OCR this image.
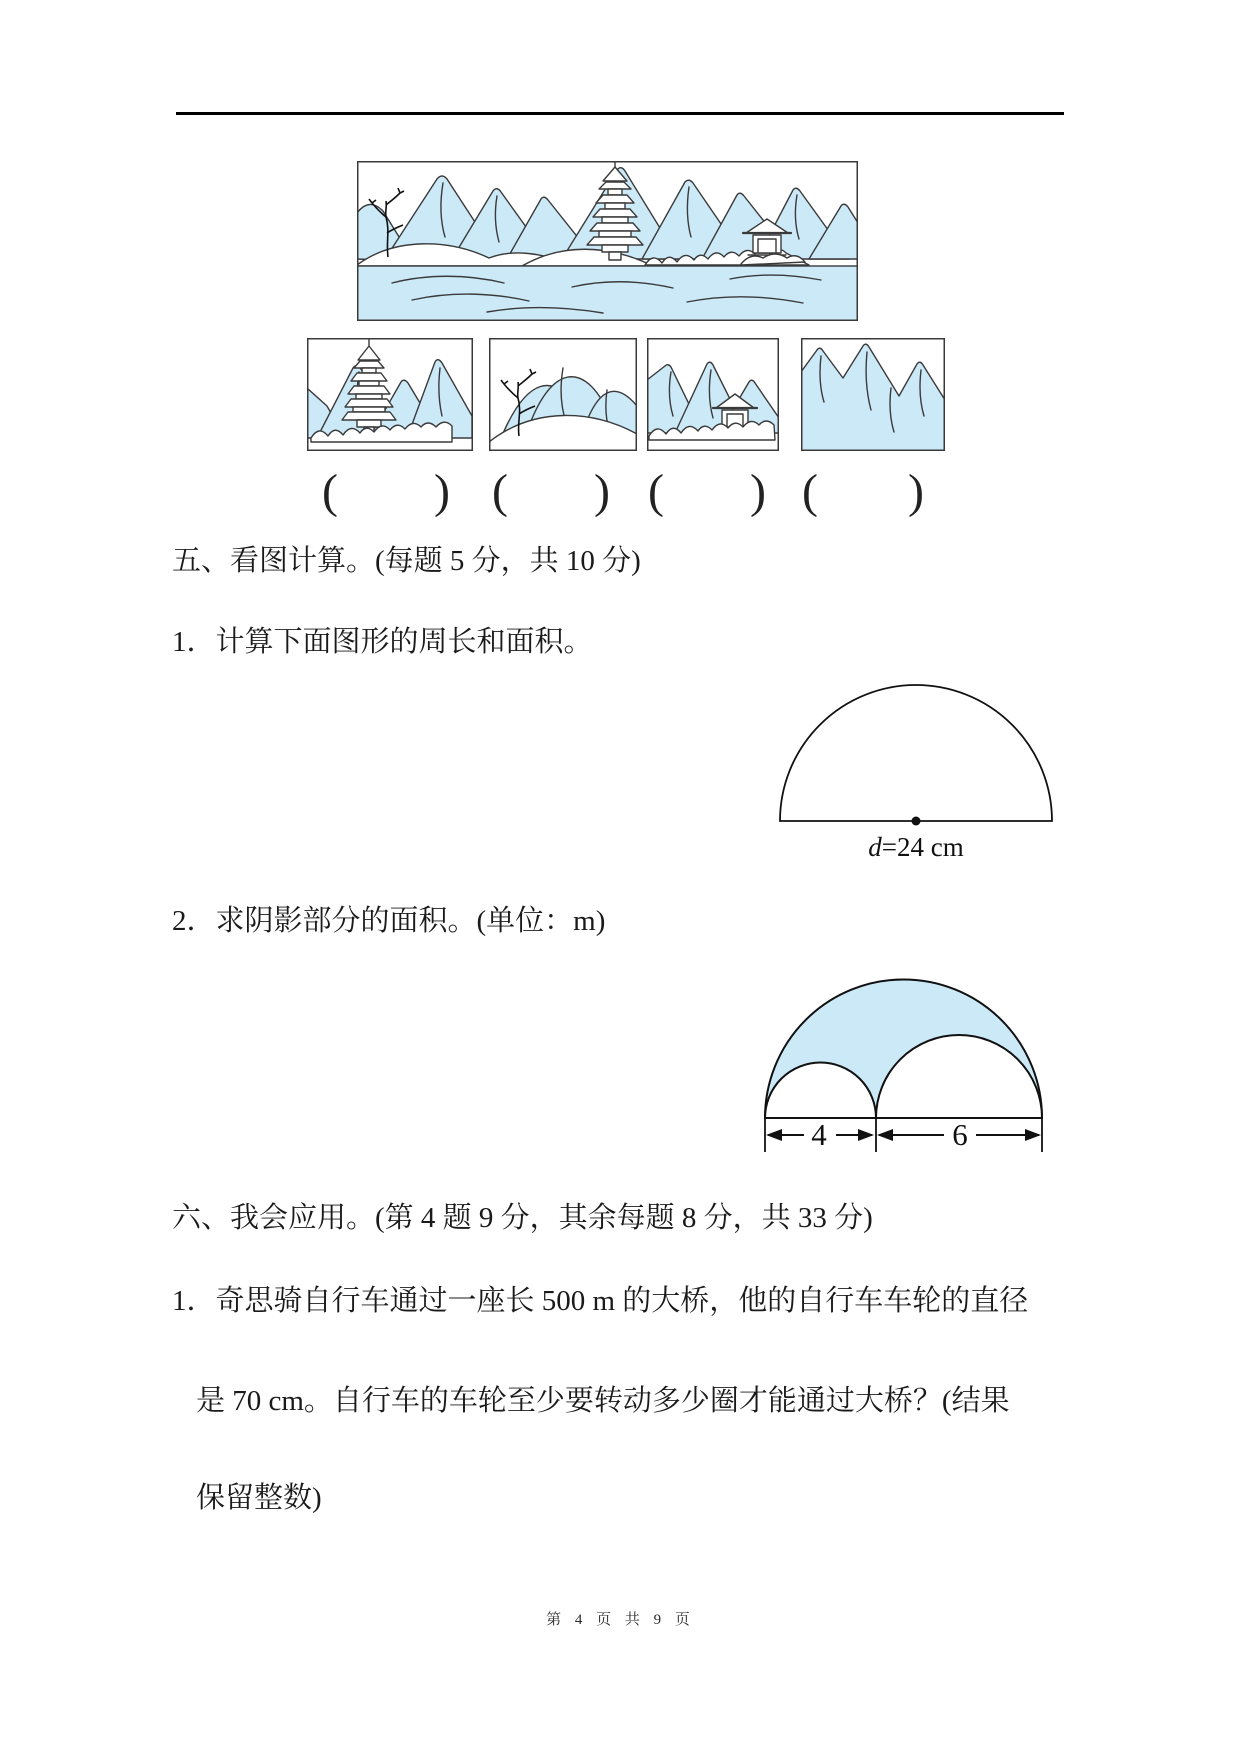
( ) ( ) ( ) ( )
五、看图计算。(每题 5 分，共 10 分)
1．计算下面图形的周长和面积。
d=24 cm
2．求阴影部分的面积。(单位：m)
4	6
六、我会应用。(第 4 题 9 分，其余每题 8 分，共 33 分)
1．奇思骑自行车通过一座长 500 m 的大桥，他的自行车车轮的直径
是 70 cm。自行车的车轮至少要转动多少圈才能通过大桥？(结果
保留整数)
第 4 页 共 9 页
